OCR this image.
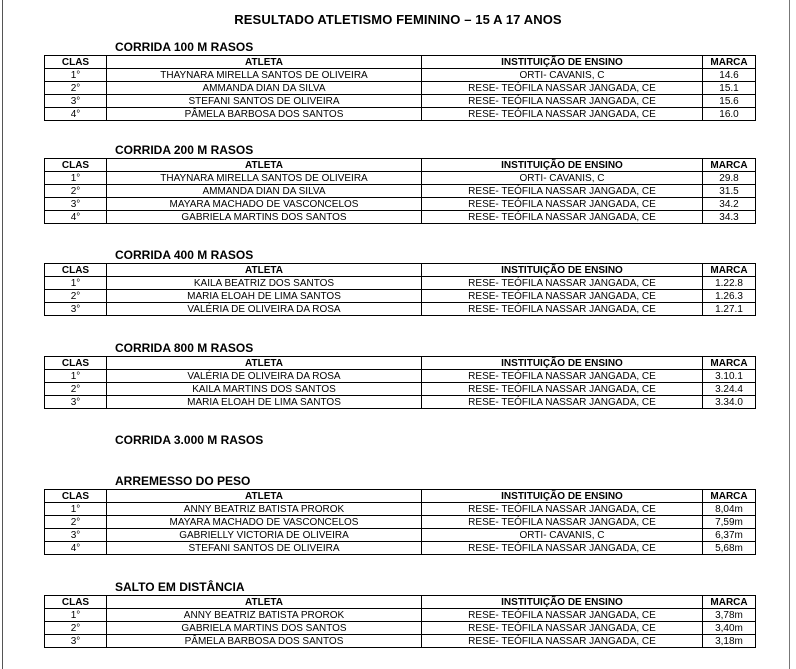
RESULTADO ATLETISMO FEMININO – 15 A 17 ANOS
CORRIDA 100 M RASOS
CLAS	ATLETA	INSTITUIÇÃO DE ENSINO	MARCA
1°	THAYNARA MIRELLA SANTOS DE OLIVEIRA	ORTI- CAVANIS, C	14.6
2°	AMMANDA DIAN DA SILVA	RESE- TEÓFILA NASSAR JANGADA, CE	15.1
3°	STEFANI SANTOS DE OLIVEIRA	RESE- TEÓFILA NASSAR JANGADA, CE	15.6
4°	PÂMELA BARBOSA DOS SANTOS	RESE- TEÓFILA NASSAR JANGADA, CE	16.0
CORRIDA 200 M RASOS
CLAS	ATLETA	INSTITUIÇÃO DE ENSINO	MARCA
1°	THAYNARA MIRELLA SANTOS DE OLIVEIRA	ORTI- CAVANIS, C	29.8
2°	AMMANDA DIAN DA SILVA	RESE- TEÓFILA NASSAR JANGADA, CE	31.5
3°	MAYARA MACHADO DE VASCONCELOS	RESE- TEÓFILA NASSAR JANGADA, CE	34.2
4°	GABRIELA MARTINS DOS SANTOS	RESE- TEÓFILA NASSAR JANGADA, CE	34.3
CORRIDA 400 M RASOS
CLAS	ATLETA	INSTITUIÇÃO DE ENSINO	MARCA
1°	KAILA BEATRIZ DOS SANTOS	RESE- TEÓFILA NASSAR JANGADA, CE	1.22.8
2°	MARIA ELOAH DE LIMA SANTOS	RESE- TEÓFILA NASSAR JANGADA, CE	1.26.3
3°	VALÉRIA DE OLIVEIRA DA ROSA	RESE- TEÓFILA NASSAR JANGADA, CE	1.27.1
CORRIDA 800 M RASOS
CLAS	ATLETA	INSTITUIÇÃO DE ENSINO	MARCA
1°	VALÉRIA DE OLIVEIRA DA ROSA	RESE- TEÓFILA NASSAR JANGADA, CE	3.10.1
2°	KAILA MARTINS DOS SANTOS	RESE- TEÓFILA NASSAR JANGADA, CE	3.24.4
3°	MARIA ELOAH DE LIMA SANTOS	RESE- TEÓFILA NASSAR JANGADA, CE	3.34.0
CORRIDA 3.000 M RASOS
ARREMESSO DO PESO
CLAS	ATLETA	INSTITUIÇÃO DE ENSINO	MARCA
1°	ANNY BEATRIZ BATISTA PROROK	RESE- TEÓFILA NASSAR JANGADA, CE	8,04m
2°	MAYARA MACHADO DE VASCONCELOS	RESE- TEÓFILA NASSAR JANGADA, CE	7,59m
3°	GABRIELLY VICTORIA DE OLIVEIRA	ORTI- CAVANIS, C	6,37m
4°	STEFANI SANTOS DE OLIVEIRA	RESE- TEÓFILA NASSAR JANGADA, CE	5,68m
SALTO EM DISTÂNCIA
CLAS	ATLETA	INSTITUIÇÃO DE ENSINO	MARCA
1°	ANNY BEATRIZ BATISTA PROROK	RESE- TEÓFILA NASSAR JANGADA, CE	3,78m
2°	GABRIELA MARTINS DOS SANTOS	RESE- TEÓFILA NASSAR JANGADA, CE	3,40m
3°	PÂMELA BARBOSA DOS SANTOS	RESE- TEÓFILA NASSAR JANGADA, CE	3,18m
